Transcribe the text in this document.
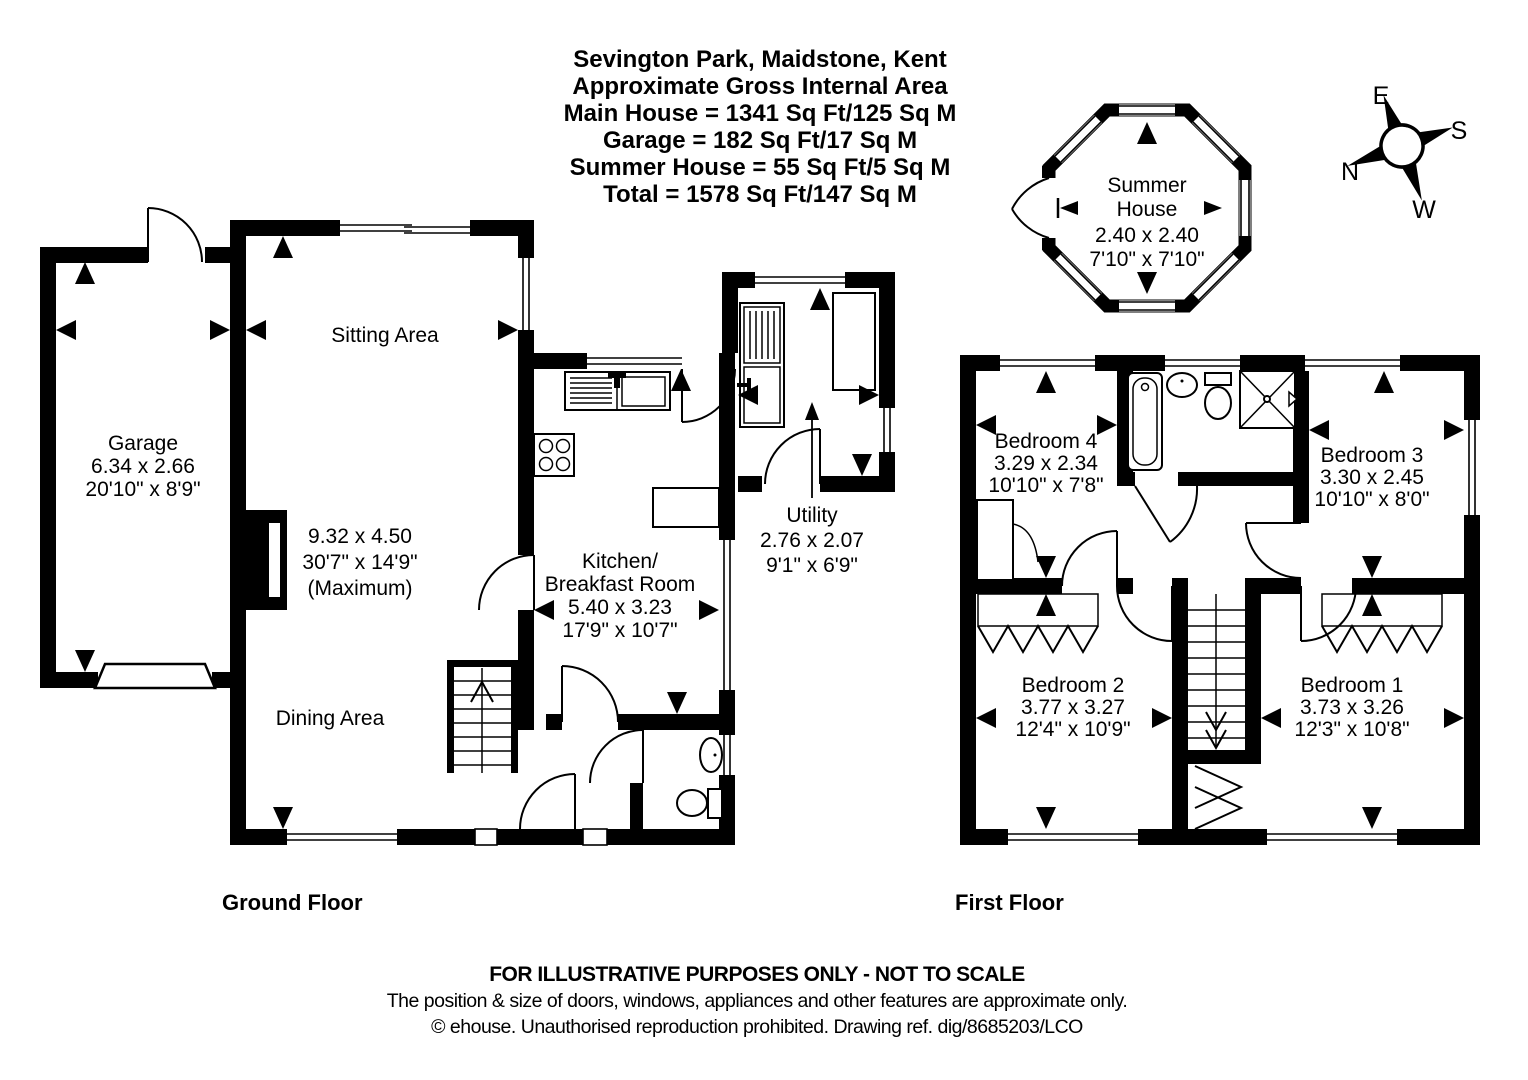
Sevington Park, Maidstone, Kent
Approximate Gross Internal Area
Main House = 1341 Sq Ft/125 Sq M
Garage = 182 Sq Ft/17 Sq M
Summer House = 55 Sq Ft/5 Sq M
Total = 1578 Sq Ft/147 Sq M
E
S
N
W
Summer
House
2.40 x 2.40
7'10" x 7'10"
Garage
6.34 x 2.66
20'10" x 8'9"
Sitting Area
9.32 x 4.50
30'7" x 14'9"
(Maximum)
Dining Area
Kitchen/
Breakfast Room
5.40 x 3.23
17'9" x 10'7"
Utility
2.76 x 2.07
9'1" x 6'9"
Bedroom 4
3.29 x 2.34
10'10" x 7'8"
Bedroom 3
3.30 x 2.45
10'10" x 8'0"
Bedroom 2
3.77 x 3.27
12'4" x 10'9"
Bedroom 1
3.73 x 3.26
12'3" x 10'8"
Ground Floor	First Floor
FOR ILLUSTRATIVE PURPOSES ONLY - NOT TO SCALE
The position & size of doors, windows, appliances and other features are approximate only.
© ehouse. Unauthorised reproduction prohibited. Drawing ref. dig/8685203/LCO
